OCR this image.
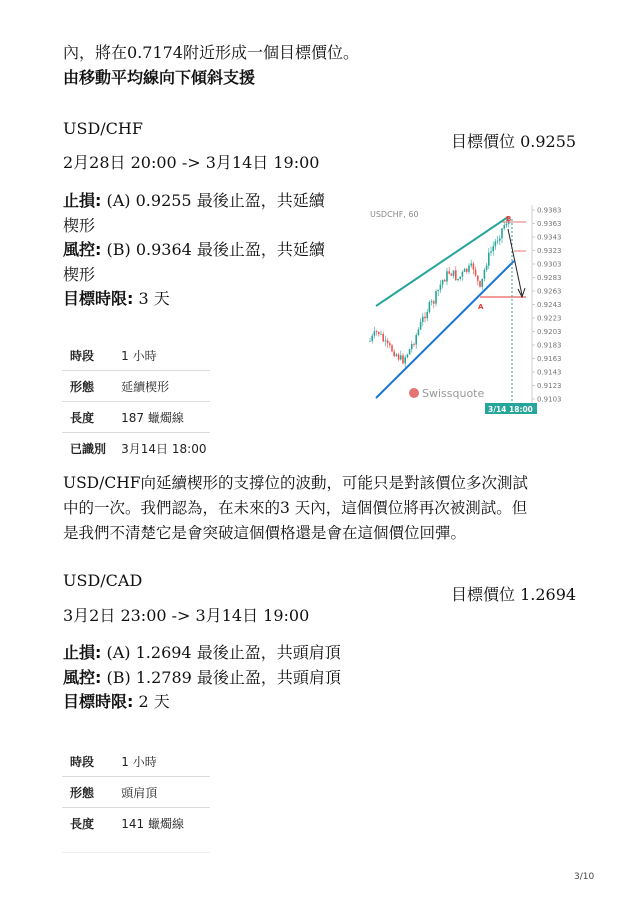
內，將在0.7174附近形成一個目標價位。
由移動平均線向下傾斜支援
USD/CHF
目標價位 0.9255
2月28日 20:00 -> 3月14日 19:00
止損: (A) 0.9255 最後止盈，共延續
楔形
風控: (B) 0.9364 最後止盈，共延續
楔形
目標時限: 3 天
時段	1 小時
形態	延續楔形
長度	187 蠟燭線
已識別	3月14日 18:00
0.9383
0.9363
0.9343
0.9323
0.9303
0.9283
0.9263
0.9243
0.9223
0.9203
0.9183
0.9163
0.9143
0.9123
0.9103
USDCHF, 60
A
B
Swissquote
3/14 18:00
USD/CHF向延續楔形的支撐位的波動，可能只是對該價位多次測試
中的一次。我們認為，在未來的3 天內，這個價位將再次被測試。但
是我們不清楚它是會突破這個價格還是會在這個價位回彈。
USD/CAD
目標價位 1.2694
3月2日 23:00 -> 3月14日 19:00
止損: (A) 1.2694 最後止盈，共頭肩頂
風控: (B) 1.2789 最後止盈，共頭肩頂
目標時限: 2 天
時段	1 小時
形態	頭肩頂
長度	141 蠟燭線
3/10
